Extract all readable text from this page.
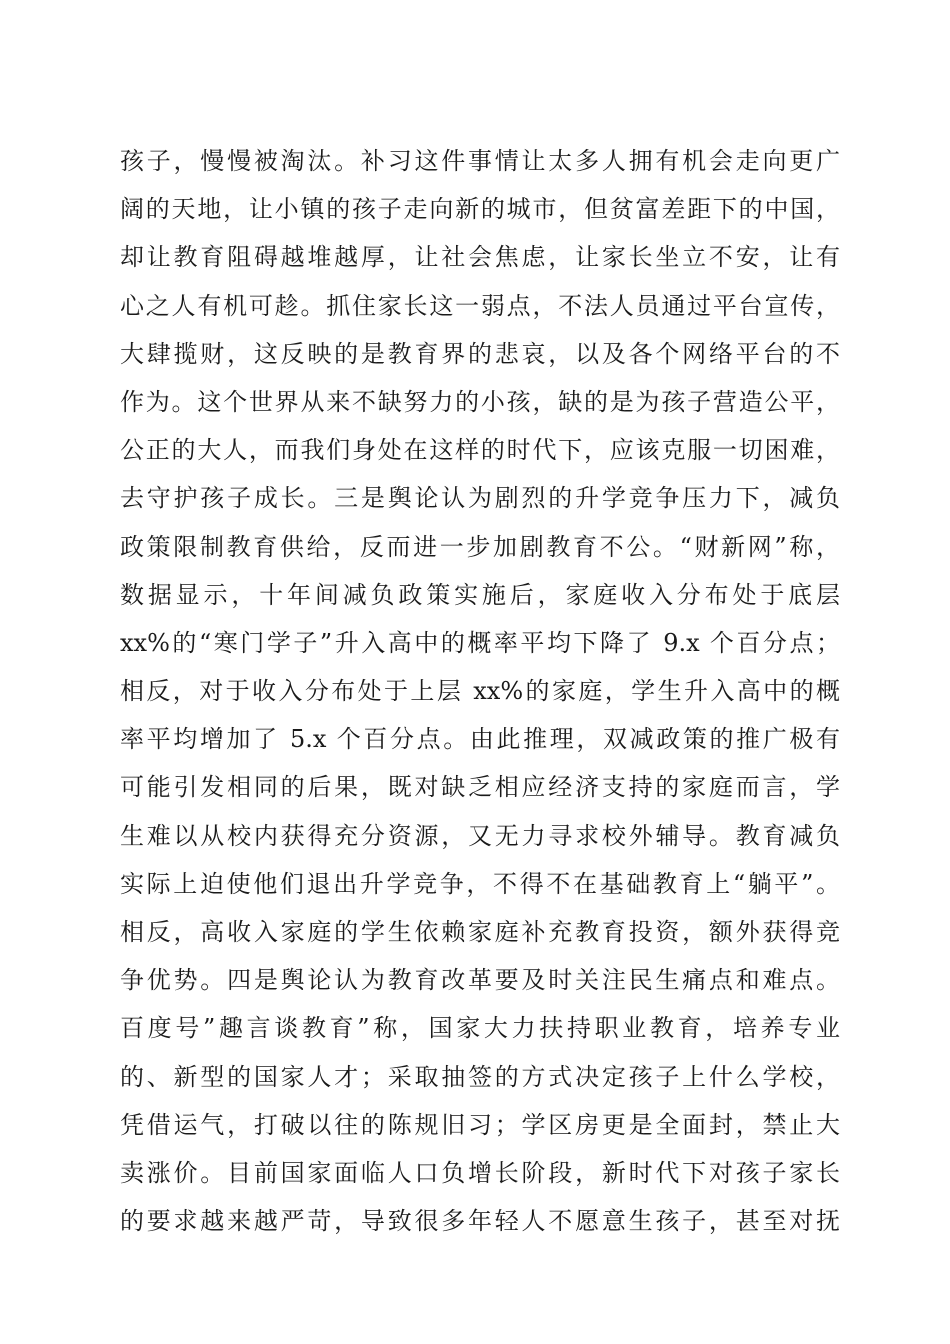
孩子，慢慢被淘汰。补习这件事情让太多人拥有机会走向更广
阔的天地，让小镇的孩子走向新的城市，但贫富差距下的中国，
却让教育阻碍越堆越厚，让社会焦虑，让家长坐立不安，让有
心之人有机可趁。抓住家长这一弱点，不法人员通过平台宣传，
大肆揽财，这反映的是教育界的悲哀，以及各个网络平台的不
作为。这个世界从来不缺努力的小孩，缺的是为孩子营造公平，
公正的大人，而我们身处在这样的时代下，应该克服一切困难，
去守护孩子成长。三是舆论认为剧烈的升学竞争压力下，减负
政策限制教育供给，反而进一步加剧教育不公。“财新网”称，
数据显示，十年间减负政策实施后，家庭收入分布处于底层
xx%的“寒门学子”升入高中的概率平均下降了 9.x 个百分点；
相反，对于收入分布处于上层 xx%的家庭，学生升入高中的概
率平均增加了 5.x 个百分点。由此推理，双减政策的推广极有
可能引发相同的后果，既对缺乏相应经济支持的家庭而言，学
生难以从校内获得充分资源，又无力寻求校外辅导。教育减负
实际上迫使他们退出升学竞争，不得不在基础教育上“躺平”。
相反，高收入家庭的学生依赖家庭补充教育投资，额外获得竞
争优势。四是舆论认为教育改革要及时关注民生痛点和难点。
百度号”趣言谈教育”称，国家大力扶持职业教育，培养专业
的、新型的国家人才；采取抽签的方式决定孩子上什么学校，
凭借运气，打破以往的陈规旧习；学区房更是全面封，禁止大
卖涨价。目前国家面临人口负增长阶段，新时代下对孩子家长
的要求越来越严苛，导致很多年轻人不愿意生孩子，甚至对抚
